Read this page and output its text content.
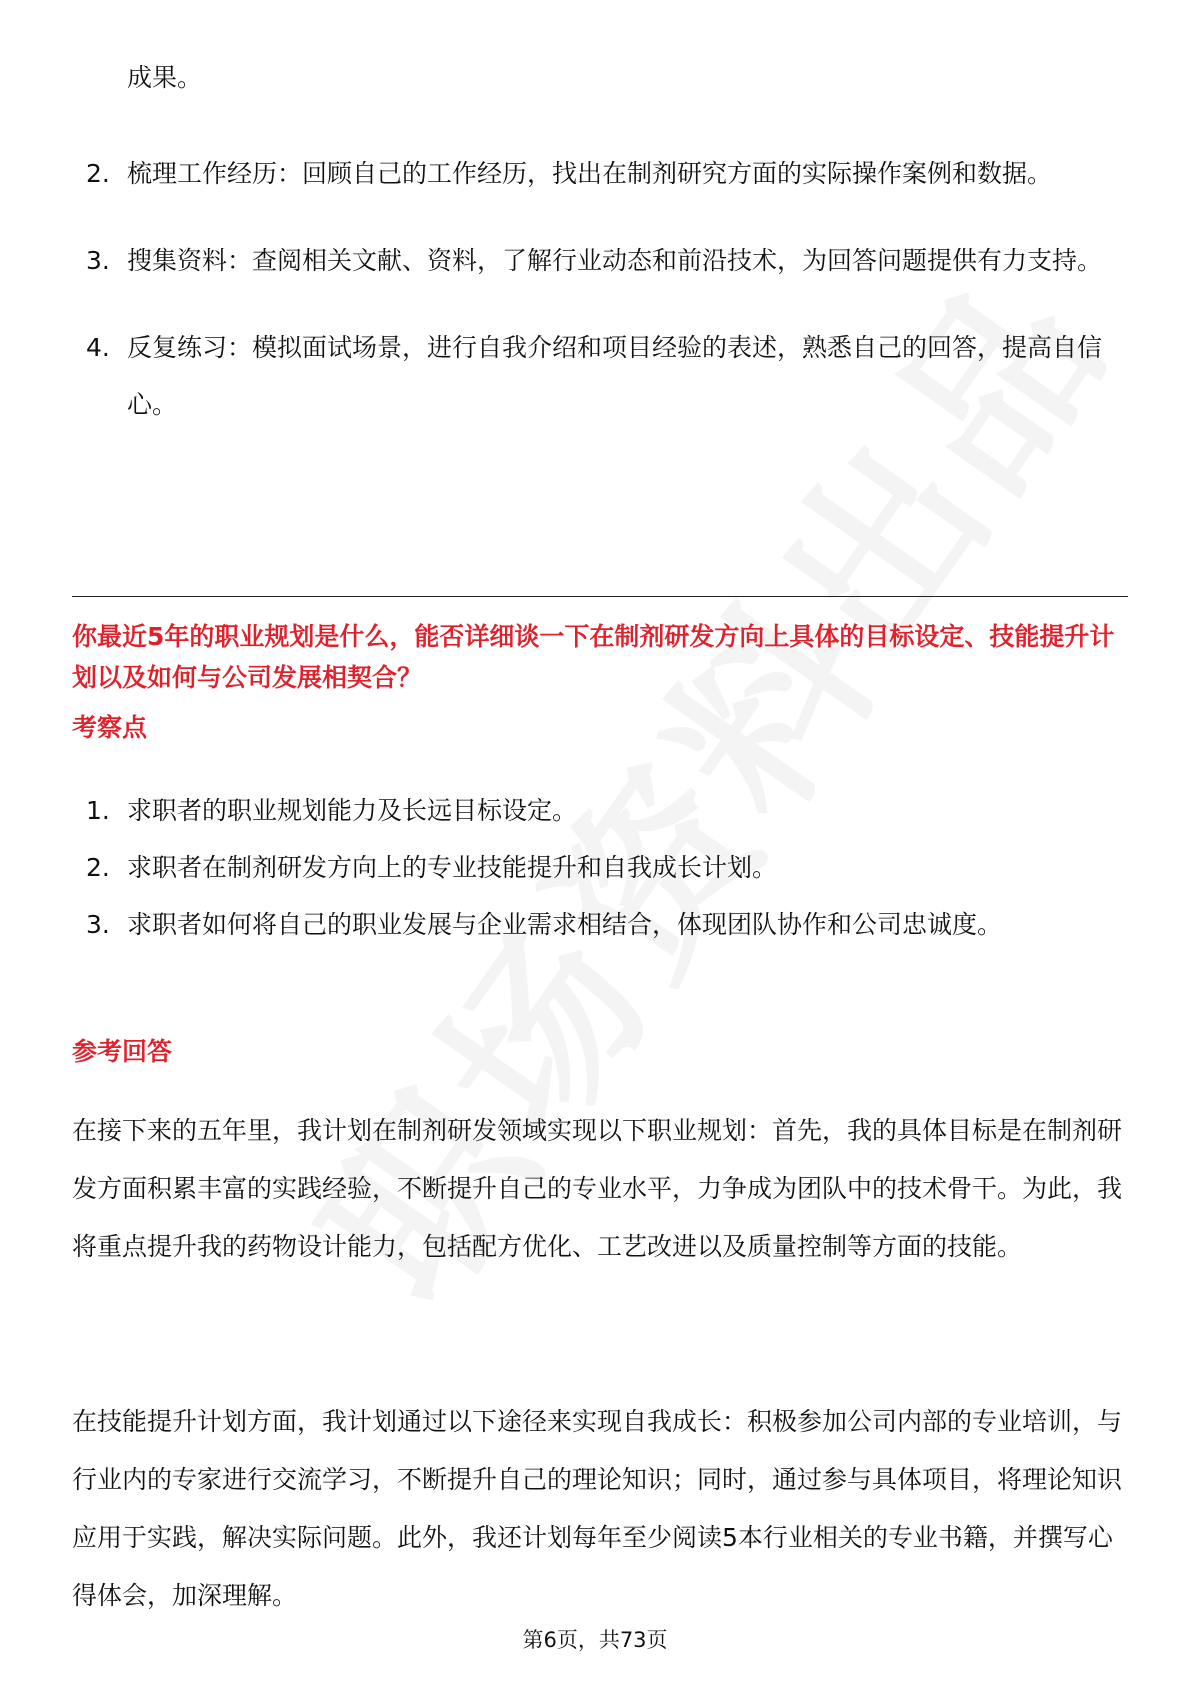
成果。
2. 梳理工作经历：回顾自己的工作经历，找出在制剂研究方面的实际操作案例和数据。
3. 搜集资料：查阅相关文献、资料，了解行业动态和前沿技术，为回答问题提供有力支持。
4. 反复练习：模拟面试场景，进行自我介绍和项目经验的表述，熟悉自己的回答，提高自信心。
你最近5年的职业规划是什么，能否详细谈一下在制剂研发方向上具体的目标设定、技能提升计划以及如何与公司发展相契合？
考察点
1. 求职者的职业规划能力及长远目标设定。
2. 求职者在制剂研发方向上的专业技能提升和自我成长计划。
3. 求职者如何将自己的职业发展与企业需求相结合，体现团队协作和公司忠诚度。
参考回答

在接下来的五年里，我计划在制剂研发领域实现以下职业规划：首先，我的具体目标是在制剂研发方面积累丰富的实践经验，不断提升自己的专业水平，力争成为团队中的技术骨干。为此，我将重点提升我的药物设计能力，包括配方优化、工艺改进以及质量控制等方面的技能。

在技能提升计划方面，我计划通过以下途径来实现自我成长：积极参加公司内部的专业培训，与行业内的专家进行交流学习，不断提升自己的理论知识；同时，通过参与具体项目，将理论知识应用于实践，解决实际问题。此外，我还计划每年至少阅读5本行业相关的专业书籍，并撰写心得体会，加深理解。

第6页，共73页
